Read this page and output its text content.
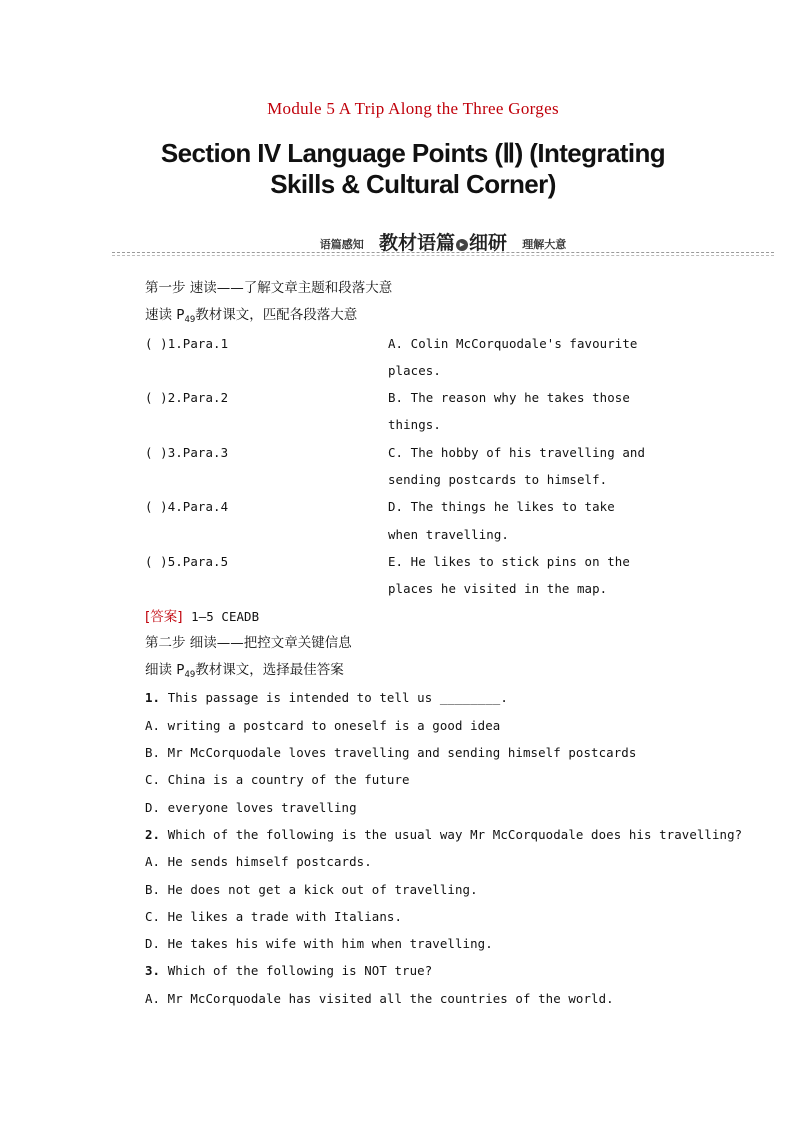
Module 5 A Trip Along the Three Gorges
Section IV Language Points (Ⅱ) (Integrating
Skills & Cultural Corner)
语篇感知 教材语篇 ▸ 细研 理解大意
第一步 速读——了解文章主题和段落大意
速读 $P_{49}$教材课文，匹配各段落大意
( )1.Para.1	A. Colin McCorquodale's favourite
places.
( )2.Para.2	B. The reason why he takes those
things.
( )3.Para.3	C. The hobby of his travelling and
sending postcards to himself.
( )4.Para.4	D. The things he likes to take
when travelling.
( )5.Para.5	E. He likes to stick pins on the
places he visited in the map.
[答案] 1—5 CEADB
第二步 细读——把控文章关键信息
细读 $P_{49}$教材课文，选择最佳答案
1. This passage is intended to tell us ________.
A. writing a postcard to oneself is a good idea
B. Mr McCorquodale loves travelling and sending himself postcards
C. China is a country of the future
D. everyone loves travelling
2. Which of the following is the usual way Mr McCorquodale does his travelling?
A. He sends himself postcards.
B. He does not get a kick out of travelling.
C. He likes a trade with Italians.
D. He takes his wife with him when travelling.
3. Which of the following is NOT true?
A. Mr McCorquodale has visited all the countries of the world.
